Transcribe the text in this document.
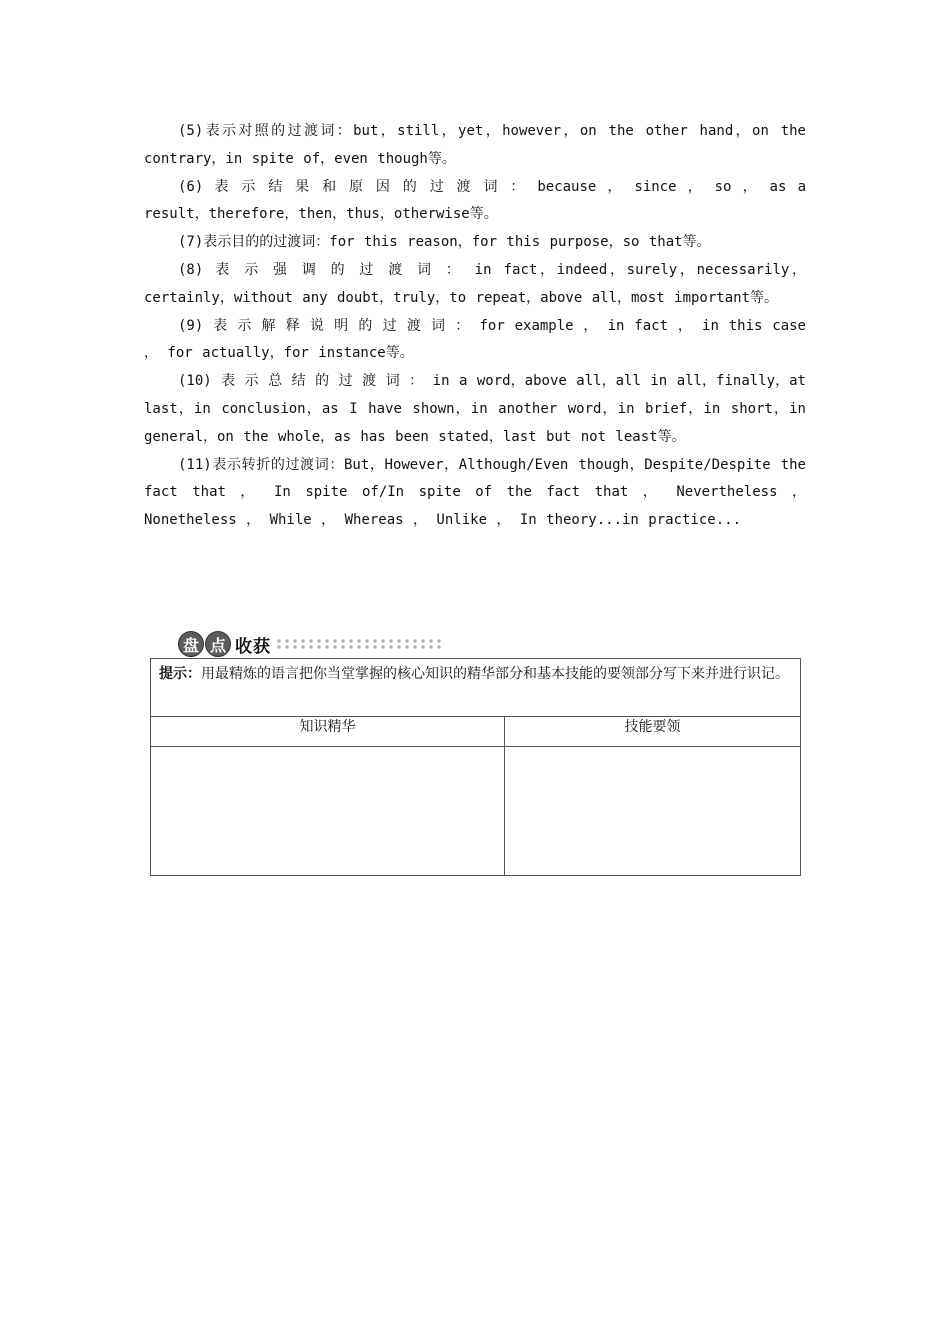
(5)表示对照的过渡词：but，still，yet，however，on the other hand，on the contrary，in spite of，even though等。

(6) 表 示 结 果 和 原 因 的 过 渡 词 ： because ， since ， so ， as a result，therefore，then，thus，otherwise等。

(7)表示目的的过渡词：for this reason，for this purpose，so that等。

(8) 表 示 强 调 的 过 渡 词 ： in fact，indeed，surely，necessarily，certainly，without any doubt，truly，to repeat，above all，most important等。

(9) 表 示 解 释 说 明 的 过 渡 词 ： for example ， in fact ， in this case ， for actually，for instance等。

(10) 表 示 总 结 的 过 渡 词 ： in a word，above all，all in all，finally，at last，in conclusion，as I have shown，in another word，in brief，in short，in general，on the whole，as has been stated，last but not least等。

(11)表示转折的过渡词：But，However，Although/Even though，Despite/Despite the fact that ， In spite of/In spite of the fact that ， Nevertheless ， Nonetheless ， While ， Whereas ， Unlike ， In theory...in practice...

盘 点 收获
提示：用最精炼的语言把你当堂掌握的核心知识的精华部分和基本技能的要领部分写下来并进行识记。	
知识精华	技能要领
